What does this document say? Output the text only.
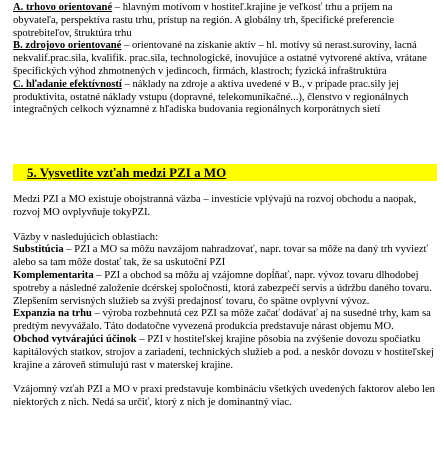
A. trhovo orientované – hlavným motívom v hostiteľ.krajine je veľkosť trhu a príjem na obyvateľa, perspektíva rastu trhu, prístup na región. A globálny trh, špecifické preferencie spotrebiteľov, štruktúra trhu

B. zdrojovo orientované – orientované na získanie aktív – hl. motívy sú nerast.suroviny, lacná nekvalif.prac.sila, kvalifik. prac.sila, technologické, inovujúce a ostatné vytvorené aktíva, vrátane špecifických výhod zhmotnených v jedincoch, firmách, klastroch; fyzická infraštruktúra

C. hľadanie efektívností – náklady na zdroje a aktíva uvedené v B., v prípade prac.sily jej produktivita, ostatné náklady vstupu (dopravné, telekomunikačné...), členstvo v regionálnych integračných celkoch významné z hľadiska budovania regionálnych korporátnych sietí

5. Vysvetlite vzťah medzi PZI a MO

Medzi PZI a MO existuje obojstranná väzba – investície vplývajú na rozvoj obchodu a naopak, rozvoj MO ovplyvňuje tokyPZI.

Väzby v nasledujúcich oblastiach:

Substitúcia – PZI a MO sa môžu navzájom nahradzovať, napr. tovar sa môže na daný trh vyviezť alebo sa tam môže dostať tak, že sa uskutoční PZI

Komplementarita – PZI a obchod sa môžu aj vzájomne dopĺňať, napr. vývoz tovaru dlhodobej spotreby a následné založenie dcérskej spoločnosti, ktorá zabezpečí servis a údržbu daného tovaru. Zlepšením servisných služieb sa zvýši predajnosť tovaru, čo spätne ovplyvní vývoz.

Expanzia na trhu – výroba rozbehnutá cez PZI sa môže začať dodávať aj na susedné trhy, kam sa predtým nevyvážalo. Táto dodatočne vyvezená produkcia predstavuje nárast objemu MO.

Obchod vytvárajúci účinok – PZI v hostiteľskej krajine pôsobia na zvýšenie dovozu spočiatku kapitálových statkov, strojov a zariadení, technických služieb a pod. a neskôr dovozu v hostiteľskej krajine a zároveň stimulujú rast v materskej krajine.

Vzájomný vzťah PZI a MO v praxi predstavuje kombináciu všetkých uvedených faktorov alebo len niektorých z nich. Nedá sa určiť, ktorý z nich je dominantný viac.
